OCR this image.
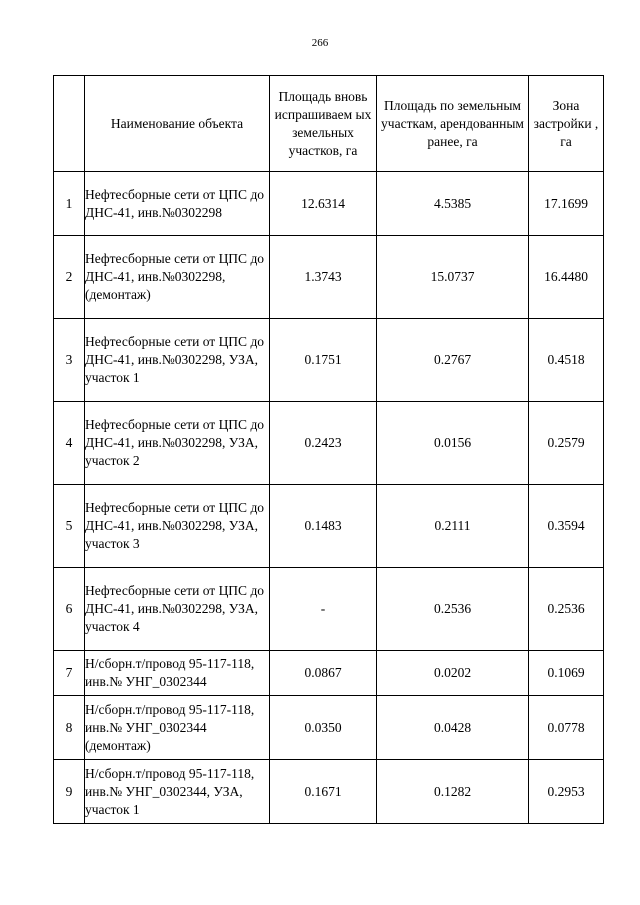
266
	Наименование объекта	Площадь вновь испрашиваем ых земельных участков, га	Площадь по земельным участкам, арендованным ранее, га	Зона застройки , га
1	Нефтесборные сети от ЦПС до ДНС-41, инв.№0302298	12.6314	4.5385	17.1699
2	Нефтесборные сети от ЦПС до ДНС-41, инв.№0302298, (демонтаж)	1.3743	15.0737	16.4480
3	Нефтесборные сети от ЦПС до ДНС-41, инв.№0302298, УЗА, участок 1	0.1751	0.2767	0.4518
4	Нефтесборные сети от ЦПС до ДНС-41, инв.№0302298, УЗА, участок 2	0.2423	0.0156	0.2579
5	Нефтесборные сети от ЦПС до ДНС-41, инв.№0302298, УЗА, участок 3	0.1483	0.2111	0.3594
6	Нефтесборные сети от ЦПС до ДНС-41, инв.№0302298, УЗА, участок 4	-	0.2536	0.2536
7	Н/сборн.т/провод 95-117-118, инв.№ УНГ_0302344	0.0867	0.0202	0.1069
8	Н/сборн.т/провод 95-117-118, инв.№ УНГ_0302344 (демонтаж)	0.0350	0.0428	0.0778
9	Н/сборн.т/провод 95-117-118, инв.№ УНГ_0302344, УЗА, участок 1	0.1671	0.1282	0.2953
